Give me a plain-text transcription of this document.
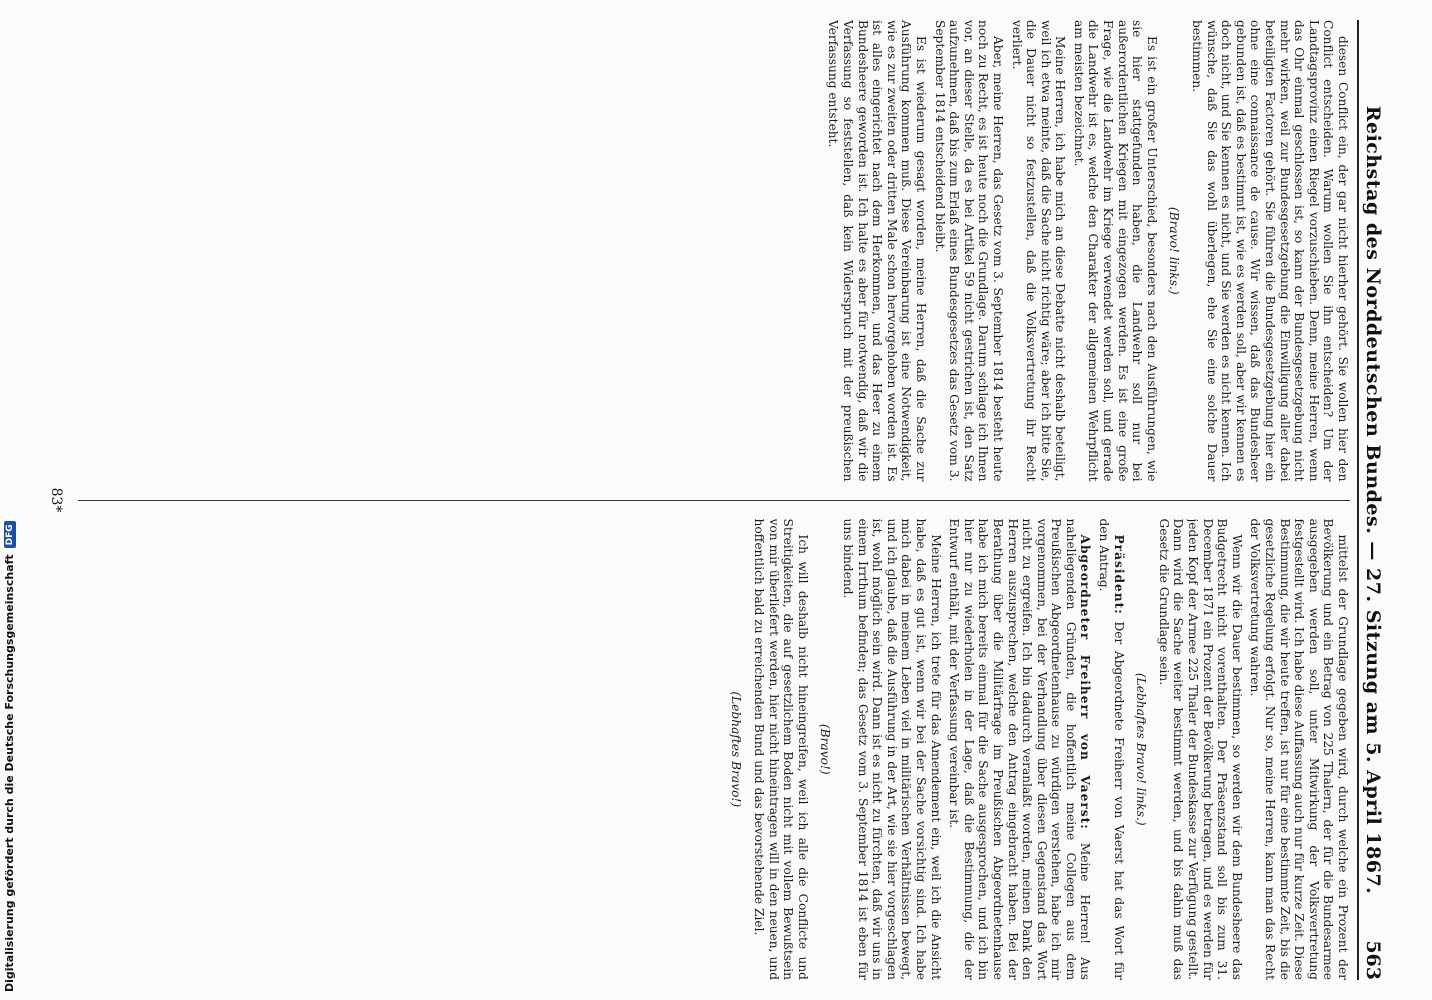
Reichstag des Norddeutschen Bundes. — 27. Sitzung am 5. April 1867.
563

diesen Conflict ein, der gar nicht hierher gehört. Sie wollen hier den Conflict entscheiden. Warum wollen Sie ihn entscheiden? Um der Landtagsprovinz einen Riegel vorzuschieben. Denn, meine Herren, wenn das Ohr einmal geschlossen ist, so kann der Bundesgesetzgebung nicht mehr wirken, weil zur Bundesgesetzgebung die Einwilligung aller dabei beteiligten Factoren gehört. Sie führen die Bundesgesetzgebung hier ein ohne eine connaissance de cause. Wir wissen, daß das Bundesheer gebunden ist, daß es bestimmt ist, wie es werden soll, aber wir kennen es doch nicht, und Sie kennen es nicht, und Sie werden es nicht kennen. Ich wünsche, daß Sie das wohl überlegen, ehe Sie eine solche Dauer bestimmen.

(Bravo! links.)

Es ist ein großer Unterschied, besonders nach den Ausführungen, wie sie hier stattgefunden haben, die Landwehr soll nur bei außerordentlichen Kriegen mit eingezogen werden. Es ist eine große Frage, wie die Landwehr im Kriege verwendet werden soll, und gerade die Landwehr ist es, welche den Charakter der allgemeinen Wehrpflicht am meisten bezeichnet.

Meine Herren, ich habe mich an diese Debatte nicht deshalb beteiligt, weil ich etwa meinte, daß die Sache nicht richtig wäre; aber ich bitte Sie, die Dauer nicht so festzustellen, daß die Volksvertretung ihr Recht verliert.

Aber, meine Herren, das Gesetz vom 3. September 1814 besteht heute noch zu Recht, es ist heute noch die Grundlage. Darum schlage ich Ihnen vor, an dieser Stelle, da es bei Artikel 59 nicht gestrichen ist, den Satz aufzunehmen, daß bis zum Erlaß eines Bundesgesetzes das Gesetz vom 3. September 1814 entscheidend bleibt.

Es ist wiederum gesagt worden, meine Herren, daß die Sache zur Ausführung kommen muß. Diese Vereinbarung ist eine Notwendigkeit, wie es zur zweiten oder dritten Male schon hervorgehoben worden ist. Es ist alles eingerichtet nach dem Herkommen, und das Heer zu einem Bundesheere geworden ist. Ich halte es aber für notwendig, daß wir die Verfassung so feststellen, daß kein Widerspruch mit der preußischen Verfassung entsteht.

mittelst der Grundlage gegeben wird, durch welche ein Prozent der Bevölkerung und ein Betrag von 225 Thalern, der für die Bundesarmee ausgegeben werden soll, unter Mitwirkung der Volksvertretung festgestellt wird. Ich habe diese Auffassung auch nur für kurze Zeit. Diese Bestimmung, die wir heute treffen, ist nur für eine bestimmte Zeit, bis die gesetzliche Regelung erfolgt. Nur so, meine Herren, kann man das Recht der Volksvertretung wahren.

Wenn wir die Dauer bestimmen, so werden wir dem Bundesheere das Budgetrecht nicht vorenthalten. Der Präsenzstand soll bis zum 31. December 1871 ein Prozent der Bevölkerung betragen, und es werden für jeden Kopf der Armee 225 Thaler der Bundeskasse zur Verfügung gestellt. Dann wird die Sache weiter bestimmt werden, und bis dahin muß das Gesetz die Grundlage sein.

(Lebhaftes Bravo! links.)

Präsident: Der Abgeordnete Freiherr von Vaerst hat das Wort für den Antrag.

Abgeordneter Freiherr von Vaerst: Meine Herren! Aus naheliegenden Gründen, die hoffentlich meine Collegen aus dem Preußischen Abgeordnetenhause zu würdigen verstehen, habe ich mir vorgenommen, bei der Verhandlung über diesen Gegenstand das Wort nicht zu ergreifen. Ich bin dadurch veranlaßt worden, meinen Dank den Herren auszusprechen, welche den Antrag eingebracht haben. Bei der Berathung über die Militärfrage im Preußischen Abgeordnetenhause habe ich mich bereits einmal für die Sache ausgesprochen, und ich bin hier nur zu wiederholen in der Lage, daß die Bestimmung, die der Entwurf enthält, mit der Verfassung vereinbar ist.

Meine Herren, ich trete für das Amendement ein, weil ich die Ansicht habe, daß es gut ist, wenn wir bei der Sache vorsichtig sind. Ich habe mich dabei in meinem Leben viel in militärischen Verhältnissen bewegt, und ich glaube, daß die Ausführung in der Art, wie sie hier vorgeschlagen ist, wohl möglich sein wird. Dann ist es nicht zu fürchten, daß wir uns in einem Irrthum befinden; das Gesetz vom 3. September 1814 ist eben für uns bindend.

(Bravo!)

Ich will deshalb nicht hineingreifen, weil ich alle die Conflicte und Streitigkeiten, die auf gesetzlichem Boden nicht mit vollem Bewußtsein von mir überliefert werden, hier nicht hineintragen will in den neuen, und hoffentlich bald zu erreichenden Bund und das bevorstehende Ziel.

(Lebhaftes Bravo!)

83*
Digitalisierung gefördert durch die Deutsche Forschungsgemeinschaft
DFG
